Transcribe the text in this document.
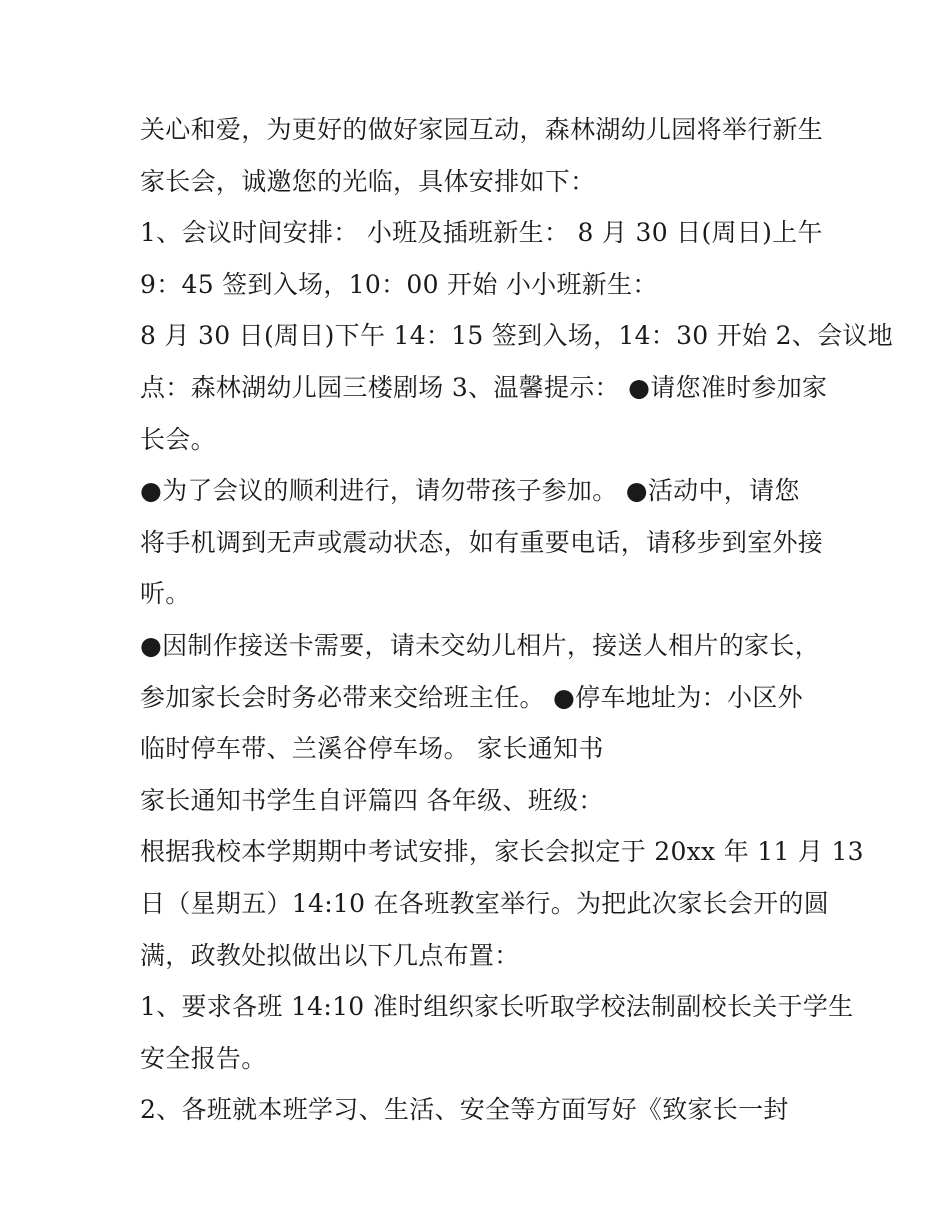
关心和爱，为更好的做好家园互动，森林湖幼儿园将举行新生
家长会，诚邀您的光临，具体安排如下：
1、会议时间安排： 小班及插班新生： 8 月 30 日(周日)上午
9：45 签到入场，10：00 开始 小小班新生：
8 月 30 日(周日)下午 14：15 签到入场，14：30 开始 2、会议地
点：森林湖幼儿园三楼剧场 3、温馨提示： ●请您准时参加家
长会。
●为了会议的顺利进行，请勿带孩子参加。 ●活动中，请您
将手机调到无声或震动状态，如有重要电话，请移步到室外接
听。
●因制作接送卡需要，请未交幼儿相片，接送人相片的家长，
参加家长会时务必带来交给班主任。 ●停车地址为：小区外
临时停车带、兰溪谷停车场。 家长通知书
家长通知书学生自评篇四 各年级、班级：
根据我校本学期期中考试安排，家长会拟定于 20xx 年 11 月 13
日（星期五）14:10 在各班教室举行。为把此次家长会开的圆
满，政教处拟做出以下几点布置：
1、要求各班 14:10 准时组织家长听取学校法制副校长关于学生
安全报告。
2、各班就本班学习、生活、安全等方面写好《致家长一封
